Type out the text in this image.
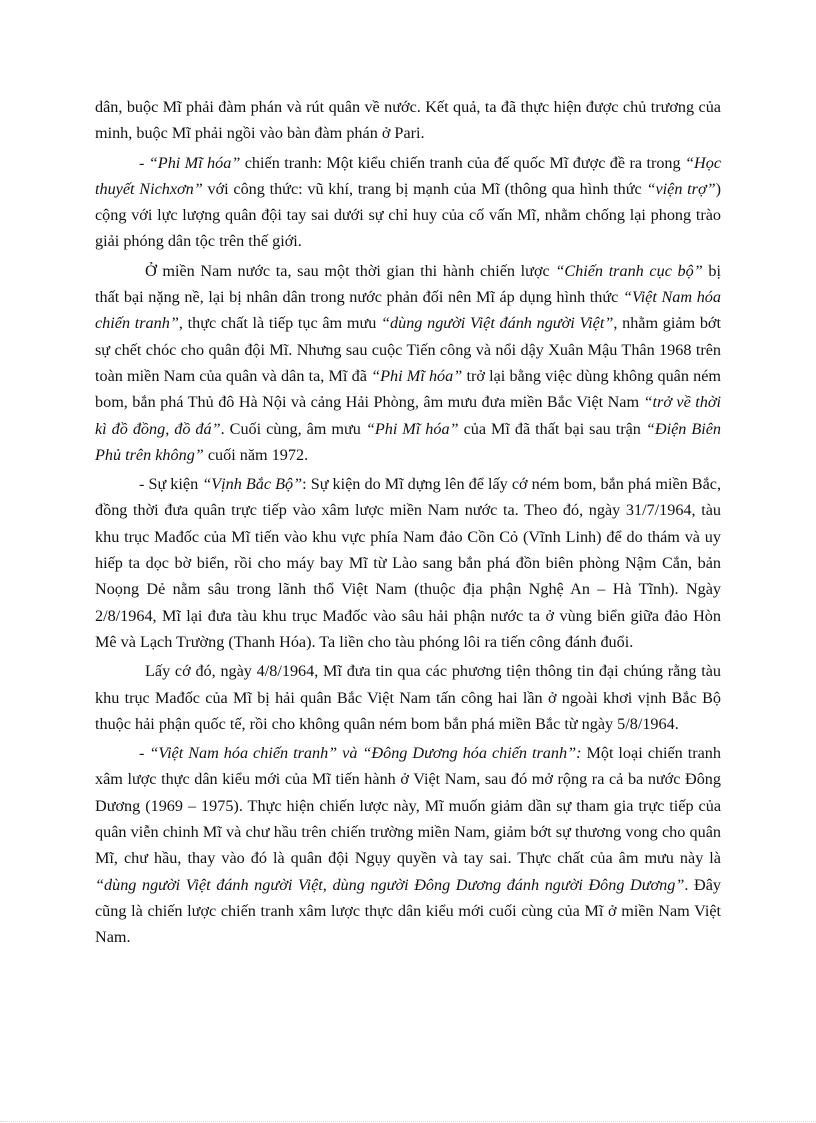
dân, buộc Mĩ phải đàm phán và rút quân về nước. Kết quả, ta đã thực hiện được chủ trương của minh, buộc Mĩ phải ngồi vào bàn đàm phán ở Pari.

- “Phi Mĩ hóa” chiến tranh: Một kiểu chiến tranh của đế quốc Mĩ được đề ra trong “Học thuyết Nichxơn” với công thức: vũ khí, trang bị mạnh của Mĩ (thông qua hình thức “viện trợ”) cộng với lực lượng quân đội tay sai dưới sự chỉ huy của cố vấn Mĩ, nhằm chống lại phong trào giải phóng dân tộc trên thế giới.

Ở miền Nam nước ta, sau một thời gian thi hành chiến lược “Chiến tranh cục bộ” bị thất bại nặng nề, lại bị nhân dân trong nước phản đối nên Mĩ áp dụng hình thức “Việt Nam hóa chiến tranh”, thực chất là tiếp tục âm mưu “dùng người Việt đánh người Việt”, nhằm giảm bớt sự chết chóc cho quân đội Mĩ. Nhưng sau cuộc Tiến công và nổi dậy Xuân Mậu Thân 1968 trên toàn miền Nam của quân và dân ta, Mĩ đã “Phi Mĩ hóa” trở lại bằng việc dùng không quân ném bom, bắn phá Thủ đô Hà Nội và cảng Hải Phòng, âm mưu đưa miền Bắc Việt Nam “trở về thời kì đồ đồng, đồ đá”. Cuối cùng, âm mưu “Phi Mĩ hóa” của Mĩ đã thất bại sau trận “Điện Biên Phủ trên không” cuối năm 1972.

- Sự kiện “Vịnh Bắc Bộ”: Sự kiện do Mĩ dựng lên để lấy cớ ném bom, bắn phá miền Bắc, đồng thời đưa quân trực tiếp vào xâm lược miền Nam nước ta. Theo đó, ngày 31/7/1964, tàu khu trục Mađốc của Mĩ tiến vào khu vực phía Nam đảo Cồn Cỏ (Vĩnh Linh) để do thám và uy hiếp ta dọc bờ biển, rồi cho máy bay Mĩ từ Lào sang bắn phá đồn biên phòng Nậm Cắn, bản Noọng Dẻ nằm sâu trong lãnh thổ Việt Nam (thuộc địa phận Nghệ An – Hà Tĩnh). Ngày 2/8/1964, Mĩ lại đưa tàu khu trục Mađốc vào sâu hải phận nước ta ở vùng biển giữa đảo Hòn Mê và Lạch Trường (Thanh Hóa). Ta liền cho tàu phóng lôi ra tiến công đánh đuổi.

Lấy cớ đó, ngày 4/8/1964, Mĩ đưa tin qua các phương tiện thông tin đại chúng rằng tàu khu trục Mađốc của Mĩ bị hải quân Bắc Việt Nam tấn công hai lần ở ngoài khơi vịnh Bắc Bộ thuộc hải phận quốc tế, rồi cho không quân ném bom bắn phá miền Bắc từ ngày 5/8/1964.

- “Việt Nam hóa chiến tranh” và “Đông Dương hóa chiến tranh”: Một loại chiến tranh xâm lược thực dân kiểu mới của Mĩ tiến hành ở Việt Nam, sau đó mở rộng ra cả ba nước Đông Dương (1969 – 1975). Thực hiện chiến lược này, Mĩ muốn giảm dần sự tham gia trực tiếp của quân viễn chinh Mĩ và chư hầu trên chiến trường miền Nam, giảm bớt sự thương vong cho quân Mĩ, chư hầu, thay vào đó là quân đội Ngụy quyền và tay sai. Thực chất của âm mưu này là “dùng người Việt đánh người Việt, dùng người Đông Dương đánh người Đông Dương”. Đây cũng là chiến lược chiến tranh xâm lược thực dân kiểu mới cuối cùng của Mĩ ở miền Nam Việt Nam.
